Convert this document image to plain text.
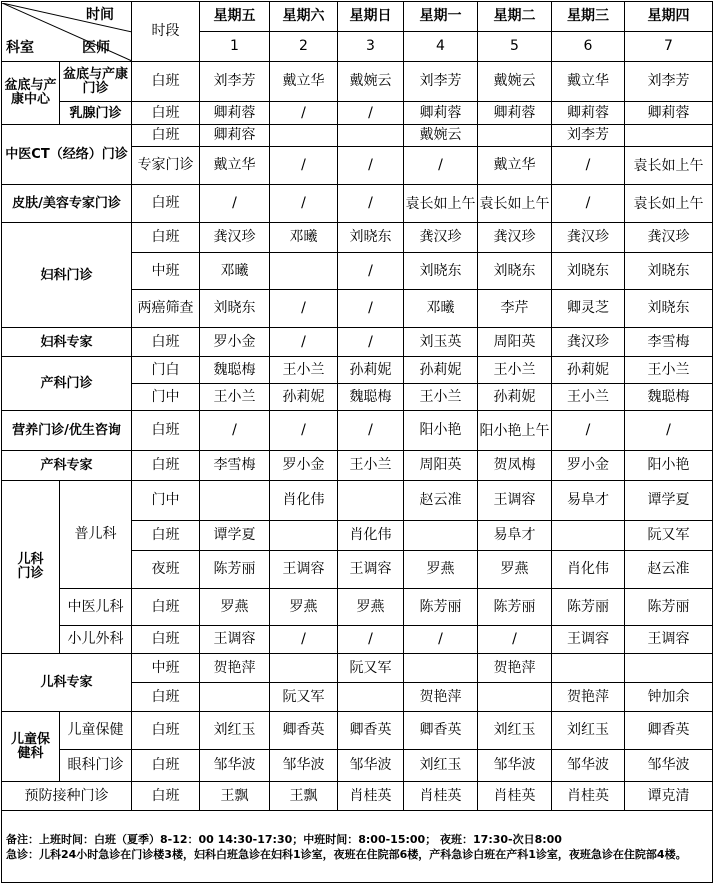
时间
科室 医师		时段	星期五	星期六	星期日	星期一	星期二	星期三	星期四
			1	2	3	4	5	6	7
盆底与产康中心	盆底与产康门诊	白班	刘李芳	戴立华	戴婉云	刘李芳	戴婉云	戴立华	刘李芳
	乳腺门诊	白班	卿莉蓉	/	/	卿莉蓉	卿莉蓉	卿莉蓉	卿莉蓉
中医CT（经络）门诊		白班	卿莉容			戴婉云		刘李芳	
		专家门诊	戴立华	/	/	/	戴立华	/	袁长如上午
皮肤/美容专家门诊		白班	/	/	/	袁长如上午	袁长如上午	/	袁长如上午
妇科门诊		白班	龚汉珍	邓曦	刘晓东	龚汉珍	龚汉珍	龚汉珍	龚汉珍
		中班	邓曦		/	刘晓东	刘晓东	刘晓东	刘晓东
		两癌筛查	刘晓东	/	/	邓曦	李芹	卿灵芝	刘晓东
妇科专家		白班	罗小金	/	/	刘玉英	周阳英	龚汉珍	李雪梅
产科门诊		门白	魏聪梅	王小兰	孙莉妮	孙莉妮	王小兰	孙莉妮	王小兰
		门中	王小兰	孙莉妮	魏聪梅	王小兰	孙莉妮	王小兰	魏聪梅
营养门诊/优生咨询		白班	/	/	/	阳小艳	阳小艳上午	/	/
产科专家		白班	李雪梅	罗小金	王小兰	周阳英	贺凤梅	罗小金	阳小艳
儿科门诊	普儿科	门中		肖化伟		赵云准	王调容	易阜才	谭学夏
		白班	谭学夏		肖化伟		易阜才		阮又军
		夜班	陈芳丽	王调容	王调容	罗燕	罗燕	肖化伟	赵云准
	中医儿科	白班	罗燕	罗燕	罗燕	陈芳丽	陈芳丽	陈芳丽	陈芳丽
	小儿外科	白班	王调容	/	/	/	/	王调容	王调容
儿科专家		中班	贺艳萍		阮又军		贺艳萍		
		白班		阮又军		贺艳萍		贺艳萍	钟加余
儿童保健科	儿童保健	白班	刘红玉	卿香英	卿香英	卿香英	刘红玉	刘红玉	卿香英
	眼科门诊	白班	邹华波	邹华波	邹华波	刘红玉	邹华波	邹华波	邹华波
预防接种门诊		白班	王飘	王飘	肖桂英	肖桂英	肖桂英	肖桂英	谭克清

备注：上班时间：白班（夏季）8-12：00 14:30-17:30；中班时间：8:00-15:00； 夜班：17:30-次日8:00
急诊：儿科24小时急诊在门诊楼3楼，妇科白班急诊在妇科1诊室，夜班在住院部6楼，产科急诊白班在产科1诊室，夜班急诊在住院部4楼。									
